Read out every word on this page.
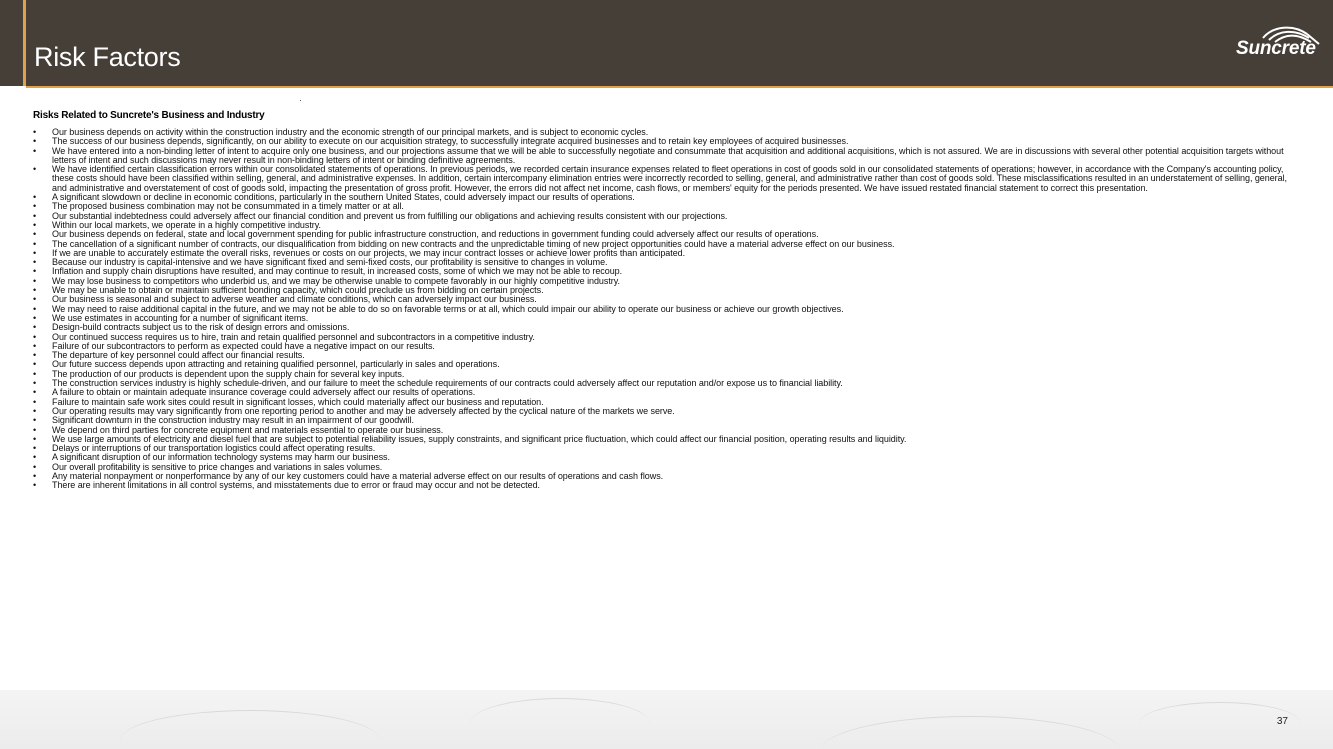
Risk Factors	Suncrete
Risks Related to Suncrete's Business and Industry
• Our business depends on activity within the construction industry and the economic strength of our principal markets, and is subject to economic cycles.
• The success of our business depends, significantly, on our ability to execute on our acquisition strategy, to successfully integrate acquired businesses and to retain key employees of acquired businesses.
• We have entered into a non-binding letter of intent to acquire only one business, and our projections assume that we will be able to successfully negotiate and consummate that acquisition and additional acquisitions, which is not assured. We are in discussions with several other potential acquisition targets without letters of intent and such discussions may never result in non-binding letters of intent or binding definitive agreements.
• We have identified certain classification errors within our consolidated statements of operations. In previous periods, we recorded certain insurance expenses related to fleet operations in cost of goods sold in our consolidated statements of operations; however, in accordance with the Company's accounting policy, these costs should have been classified within selling, general, and administrative expenses. In addition, certain intercompany elimination entries were incorrectly recorded to selling, general, and administrative rather than cost of goods sold. These misclassifications resulted in an understatement of selling, general, and administrative and overstatement of cost of goods sold, impacting the presentation of gross profit. However, the errors did not affect net income, cash flows, or members' equity for the periods presented. We have issued restated financial statement to correct this presentation.
• A significant slowdown or decline in economic conditions, particularly in the southern United States, could adversely impact our results of operations.
• The proposed business combination may not be consummated in a timely matter or at all.
• Our substantial indebtedness could adversely affect our financial condition and prevent us from fulfilling our obligations and achieving results consistent with our projections.
• Within our local markets, we operate in a highly competitive industry.
• Our business depends on federal, state and local government spending for public infrastructure construction, and reductions in government funding could adversely affect our results of operations.
• The cancellation of a significant number of contracts, our disqualification from bidding on new contracts and the unpredictable timing of new project opportunities could have a material adverse effect on our business.
• If we are unable to accurately estimate the overall risks, revenues or costs on our projects, we may incur contract losses or achieve lower profits than anticipated.
• Because our industry is capital-intensive and we have significant fixed and semi-fixed costs, our profitability is sensitive to changes in volume.
• Inflation and supply chain disruptions have resulted, and may continue to result, in increased costs, some of which we may not be able to recoup.
• We may lose business to competitors who underbid us, and we may be otherwise unable to compete favorably in our highly competitive industry.
• We may be unable to obtain or maintain sufficient bonding capacity, which could preclude us from bidding on certain projects.
• Our business is seasonal and subject to adverse weather and climate conditions, which can adversely impact our business.
• We may need to raise additional capital in the future, and we may not be able to do so on favorable terms or at all, which could impair our ability to operate our business or achieve our growth objectives.
• We use estimates in accounting for a number of significant items.
• Design-build contracts subject us to the risk of design errors and omissions.
• Our continued success requires us to hire, train and retain qualified personnel and subcontractors in a competitive industry.
• Failure of our subcontractors to perform as expected could have a negative impact on our results.
• The departure of key personnel could affect our financial results.
• Our future success depends upon attracting and retaining qualified personnel, particularly in sales and operations.
• The production of our products is dependent upon the supply chain for several key inputs.
• The construction services industry is highly schedule-driven, and our failure to meet the schedule requirements of our contracts could adversely affect our reputation and/or expose us to financial liability.
• A failure to obtain or maintain adequate insurance coverage could adversely affect our results of operations.
• Failure to maintain safe work sites could result in significant losses, which could materially affect our business and reputation.
• Our operating results may vary significantly from one reporting period to another and may be adversely affected by the cyclical nature of the markets we serve.
• Significant downturn in the construction industry may result in an impairment of our goodwill.
• We depend on third parties for concrete equipment and materials essential to operate our business.
• We use large amounts of electricity and diesel fuel that are subject to potential reliability issues, supply constraints, and significant price fluctuation, which could affect our financial position, operating results and liquidity.
• Delays or interruptions of our transportation logistics could affect operating results.
• A significant disruption of our information technology systems may harm our business.
• Our overall profitability is sensitive to price changes and variations in sales volumes.
• Any material nonpayment or nonperformance by any of our key customers could have a material adverse effect on our results of operations and cash flows.
• There are inherent limitations in all control systems, and misstatements due to error or fraud may occur and not be detected.
37
